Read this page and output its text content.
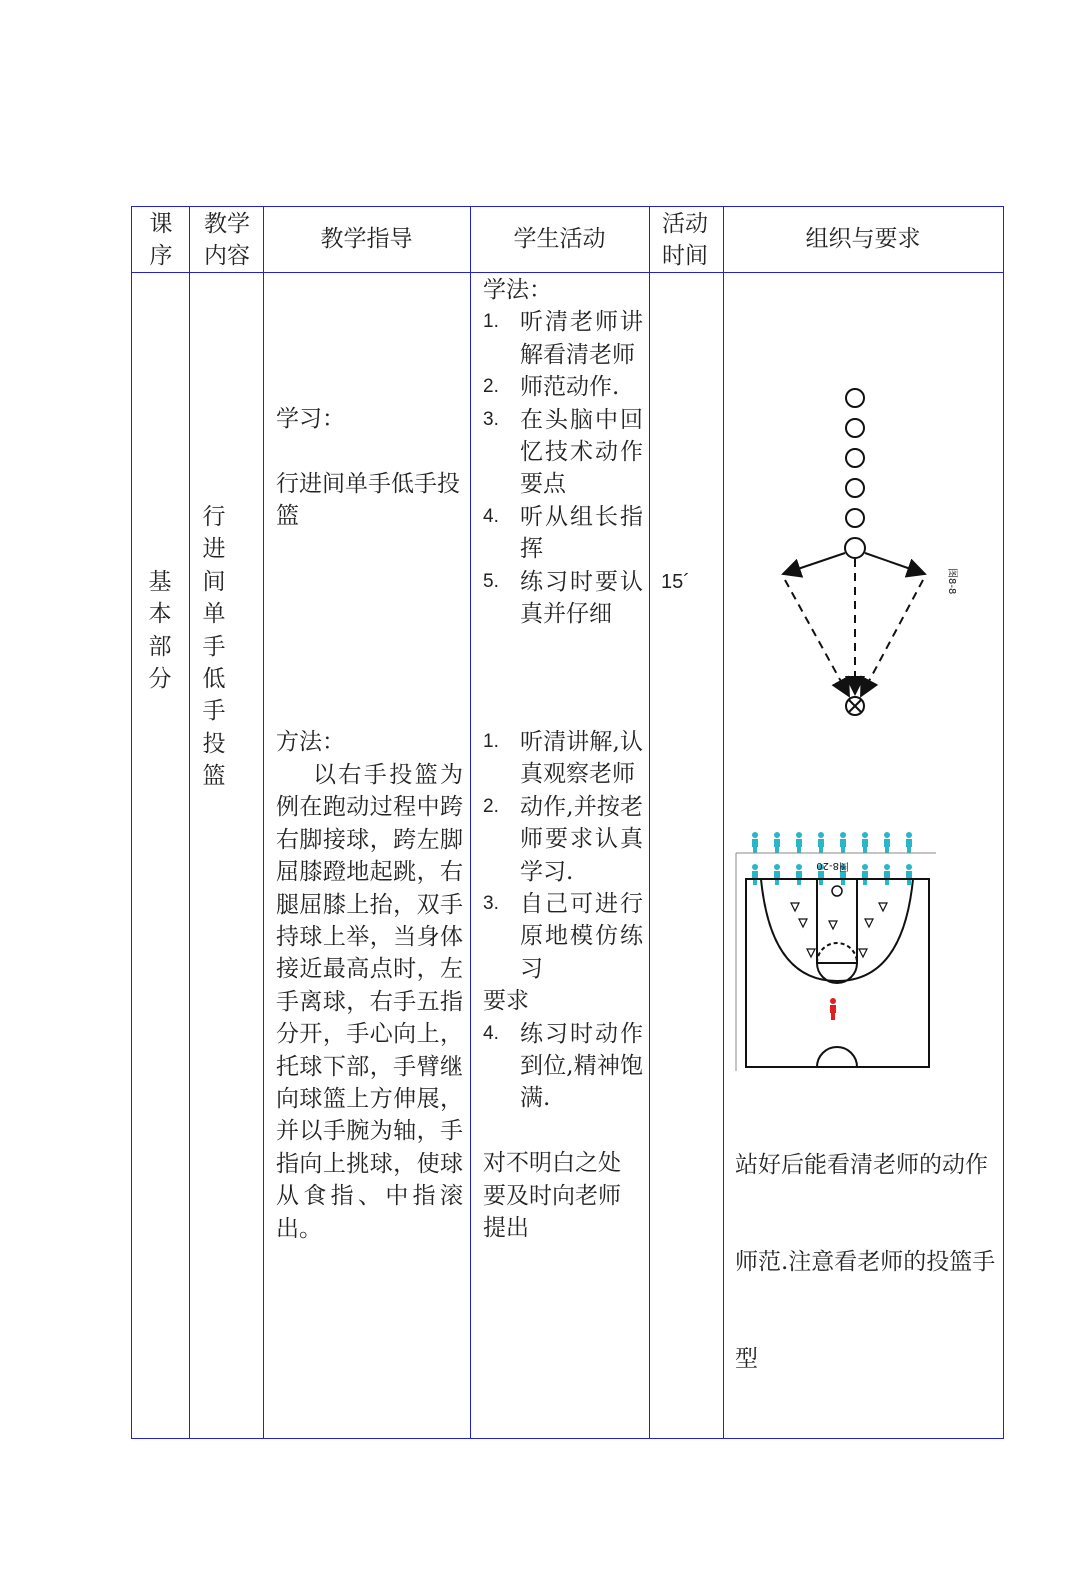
课序
教学内容
教学指导	学生活动
活动时间
组织与要求
基
本
部
分
行
进
间
单
手
低
手
投
篮
学习：
行进间单手低手投篮
方法：
以右手投篮为例在跑动过程中跨右脚接球，跨左脚屈膝蹬地起跳，右腿屈膝上抬，双手持球上举，当身体接近最高点时，左手离球，右手五指分开，手心向上，托球下部，手臂继向球篮上方伸展，并以手腕为轴，手指向上挑球，使球从食指、中指滚出。
学法：
1. 听清老师讲解看清老师
2. 师范动作.
3. 在头脑中回忆技术动作要点
4. 听从组长指挥
5. 练习时要认真并仔细
1. 听清讲解,认真观察老师
2. 动作,并按老师要求认真学习.
3. 自己可进行原地模仿练习
要求
4. 练习时动作到位,精神饱满.
对不明白之处要及时向老师提出
15´	图8-8
图8-20
站好后能看清老师的动作
师范.注意看老师的投篮手
型
